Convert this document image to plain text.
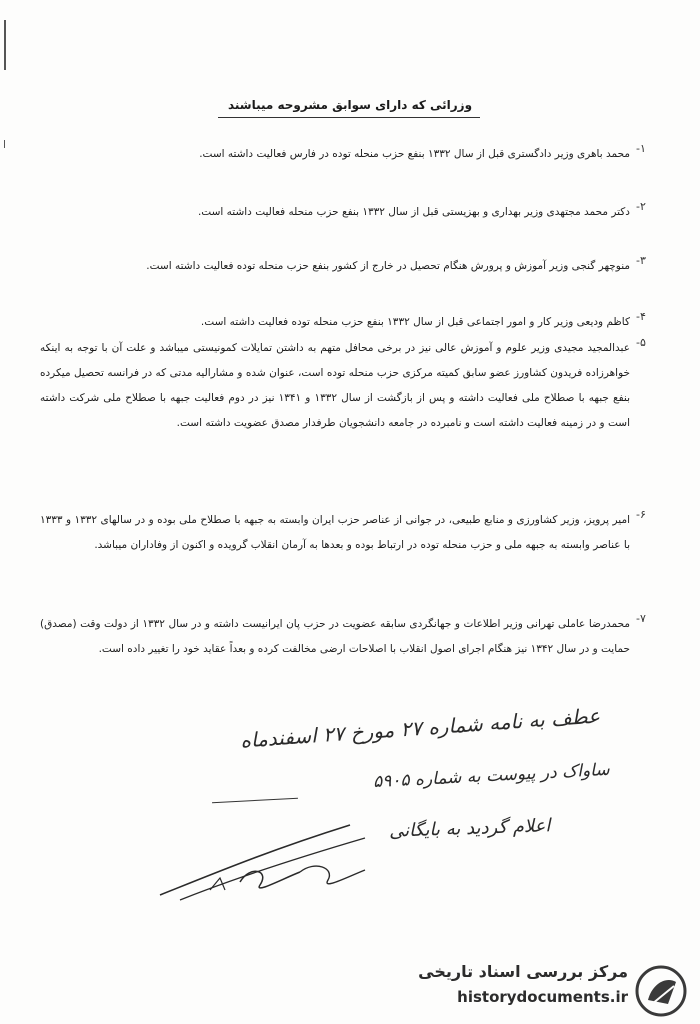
وزرائی که دارای سوابق مشروحه میباشند
۱-
محمد باهری وزیر دادگستری قبل از سال ۱۳۳۲ بنفع حزب منحله توده در فارس فعالیت داشته است.
۲-
دکتر محمد مجتهدی وزیر بهداری و بهزیستی قبل از سال ۱۳۳۲ بنفع حزب منحله فعالیت داشته است.
۳-
منوچهر گنجی وزیر آموزش و پرورش هنگام تحصیل در خارج از کشور بنفع حزب منحله توده فعالیت داشته است.
۴-
کاظم ودیعی وزیر کار و امور اجتماعی قبل از سال ۱۳۳۲ بنفع حزب منحله توده فعالیت داشته است.
۵-
عبدالمجید مجیدی وزیر علوم و آموزش عالی نیز در برخی محافل متهم به داشتن تمایلات کمونیستی میباشد و علت آن با توجه به اینکه خواهرزاده فریدون کشاورز عضو سابق کمیته مرکزی حزب منحله توده است، عنوان شده و مشارالیه مدتی که در فرانسه تحصیل میکرده بنفع جبهه با صطلاح ملی فعالیت داشته و پس از بازگشت از سال ۱۳۳۲ و ۱۳۴۱ نیز در دوم فعالیت جبهه با صطلاح ملی شرکت داشته است و در زمینه فعالیت داشته است و نامبرده در جامعه دانشجویان طرفدار مصدق عضویت داشته است.
۶-
امیر پرویز، وزیر کشاورزی و منابع طبیعی، در جوانی از عناصر حزب ایران وابسته به جبهه با صطلاح ملی بوده و در سالهای ۱۳۳۲ و ۱۳۳۳ با عناصر وابسته به جبهه ملی و حزب منحله توده در ارتباط بوده و بعدها به آرمان انقلاب گرویده و اکنون از وفاداران میباشد.
۷-
محمدرضا عاملی تهرانی وزیر اطلاعات و جهانگردی سابقه عضویت در حزب پان ایرانیست داشته و در سال ۱۳۳۲ از دولت وقت (مصدق) حمایت و در سال ۱۳۴۲ نیز هنگام اجرای اصول انقلاب با اصلاحات ارضی مخالفت کرده و بعداً عقاید خود را تغییر داده است.
عطف به نامه شماره ۲۷ مورخ ۲۷ اسفندماه
ساواک در پیوست به شماره ۵۹۰۵
اعلام گردید به بایگانی
مرکز بررسی اسناد تاریخی
historydocuments.ir
